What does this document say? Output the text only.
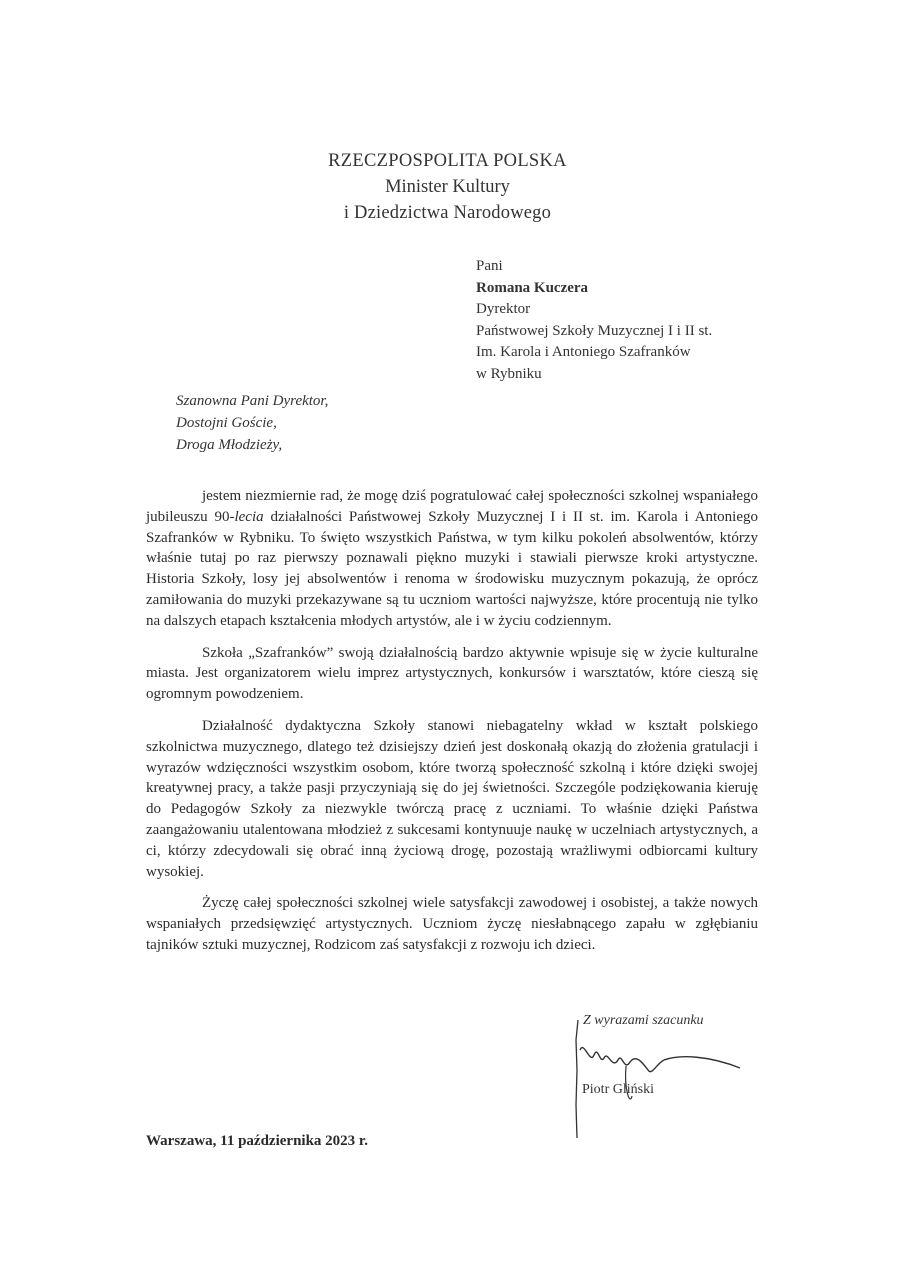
RZECZPOSPOLITA POLSKA
Minister Kultury
i Dziedzictwa Narodowego
Pani
Romana Kuczera
Dyrektor
Państwowej Szkoły Muzycznej I i II st.
Im. Karola i Antoniego Szafranków
w Rybniku
Szanowna Pani Dyrektor,
Dostojni Goście,
Droga Młodzieży,

jestem niezmiernie rad, że mogę dziś pogratulować całej społeczności szkolnej wspaniałego jubileuszu 90-lecia działalności Państwowej Szkoły Muzycznej I i II st. im. Karola i Antoniego Szafranków w Rybniku. To święto wszystkich Państwa, w tym kilku pokoleń absolwentów, którzy właśnie tutaj po raz pierwszy poznawali piękno muzyki i stawiali pierwsze kroki artystyczne. Historia Szkoły, losy jej absolwentów i renoma w środowisku muzycznym pokazują, że oprócz zamiłowania do muzyki przekazywane są tu uczniom wartości najwyższe, które procentują nie tylko na dalszych etapach kształcenia młodych artystów, ale i w życiu codziennym.

Szkoła „Szafranków” swoją działalnością bardzo aktywnie wpisuje się w życie kulturalne miasta. Jest organizatorem wielu imprez artystycznych, konkursów i warsztatów, które cieszą się ogromnym powodzeniem.

Działalność dydaktyczna Szkoły stanowi niebagatelny wkład w kształt polskiego szkolnictwa muzycznego, dlatego też dzisiejszy dzień jest doskonałą okazją do złożenia gratulacji i wyrazów wdzięczności wszystkim osobom, które tworzą społeczność szkolną i które dzięki swojej kreatywnej pracy, a także pasji przyczyniają się do jej świetności. Szczególe podziękowania kieruję do Pedagogów Szkoły za niezwykle twórczą pracę z uczniami. To właśnie dzięki Państwa zaangażowaniu utalentowana młodzież z sukcesami kontynuuje naukę w uczelniach artystycznych, a ci, którzy zdecydowali się obrać inną życiową drogę, pozostają wrażliwymi odbiorcami kultury wysokiej.

Życzę całej społeczności szkolnej wiele satysfakcji zawodowej i osobistej, a także nowych wspaniałych przedsięwzięć artystycznych. Uczniom życzę niesłabnącego zapału w zgłębianiu tajników sztuki muzycznej, Rodzicom zaś satysfakcji z rozwoju ich dzieci.

Z wyrazami szacunku
Piotr Gliński
Warszawa, 11 października 2023 r.
